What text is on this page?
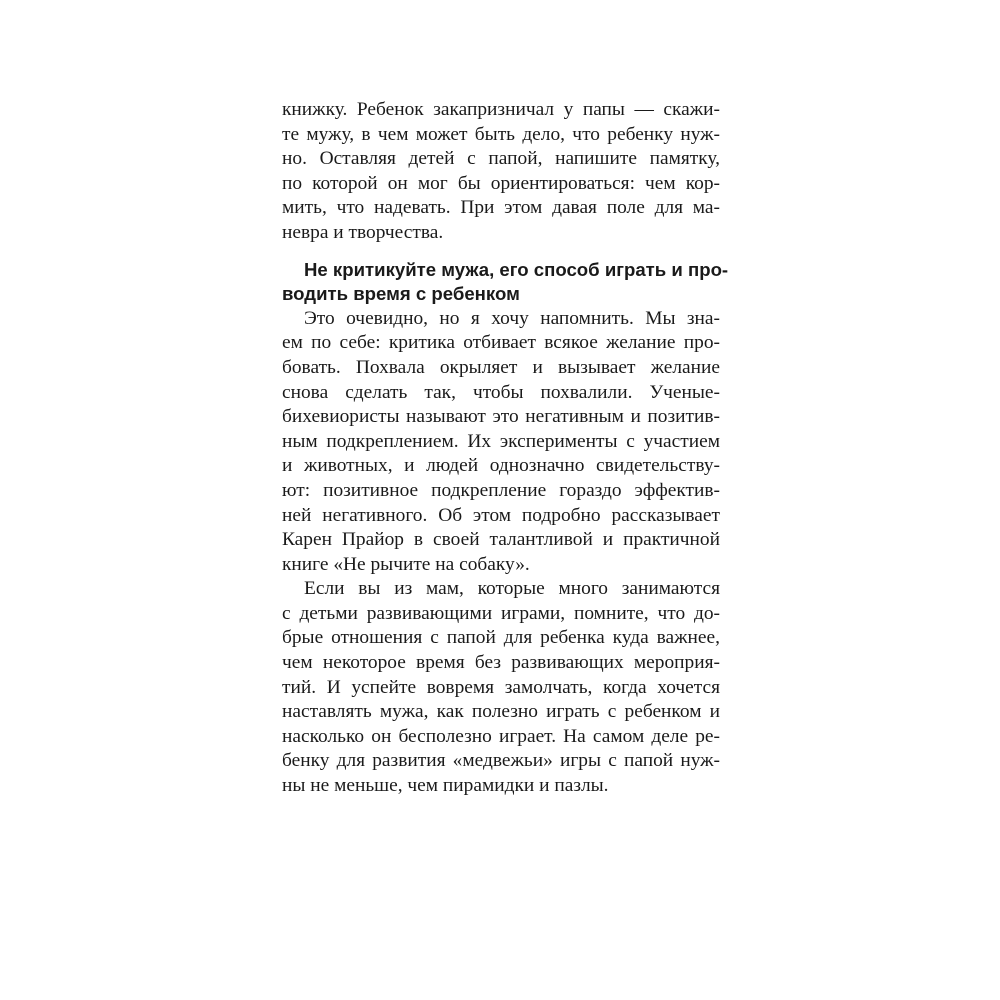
книжку. Ребенок закапризничал у папы — скажи-
те мужу, в чем может быть дело, что ребенку нуж-
но. Оставляя детей с папой, напишите памятку,
по которой он мог бы ориентироваться: чем кор-
мить, что надевать. При этом давая поле для ма-
невра и творчества.
Не критикуйте мужа, его способ играть и про-
водить время с ребенком
Это очевидно, но я хочу напомнить. Мы зна-
ем по себе: критика отбивает всякое желание про-
бовать. Похвала окрыляет и вызывает желание
снова сделать так, чтобы похвалили. Ученые-
бихевиористы называют это негативным и позитив-
ным подкреплением. Их эксперименты с участием
и животных, и людей однозначно свидетельству-
ют: позитивное подкрепление гораздо эффектив-
ней негативного. Об этом подробно рассказывает
Карен Прайор в своей талантливой и практичной
книге «Не рычите на собаку».
Если вы из мам, которые много занимаются
с детьми развивающими играми, помните, что до-
брые отношения с папой для ребенка куда важнее,
чем некоторое время без развивающих мероприя-
тий. И успейте вовремя замолчать, когда хочется
наставлять мужа, как полезно играть с ребенком и
насколько он бесполезно играет. На самом деле ре-
бенку для развития «медвежьи» игры с папой нуж-
ны не меньше, чем пирамидки и пазлы.
